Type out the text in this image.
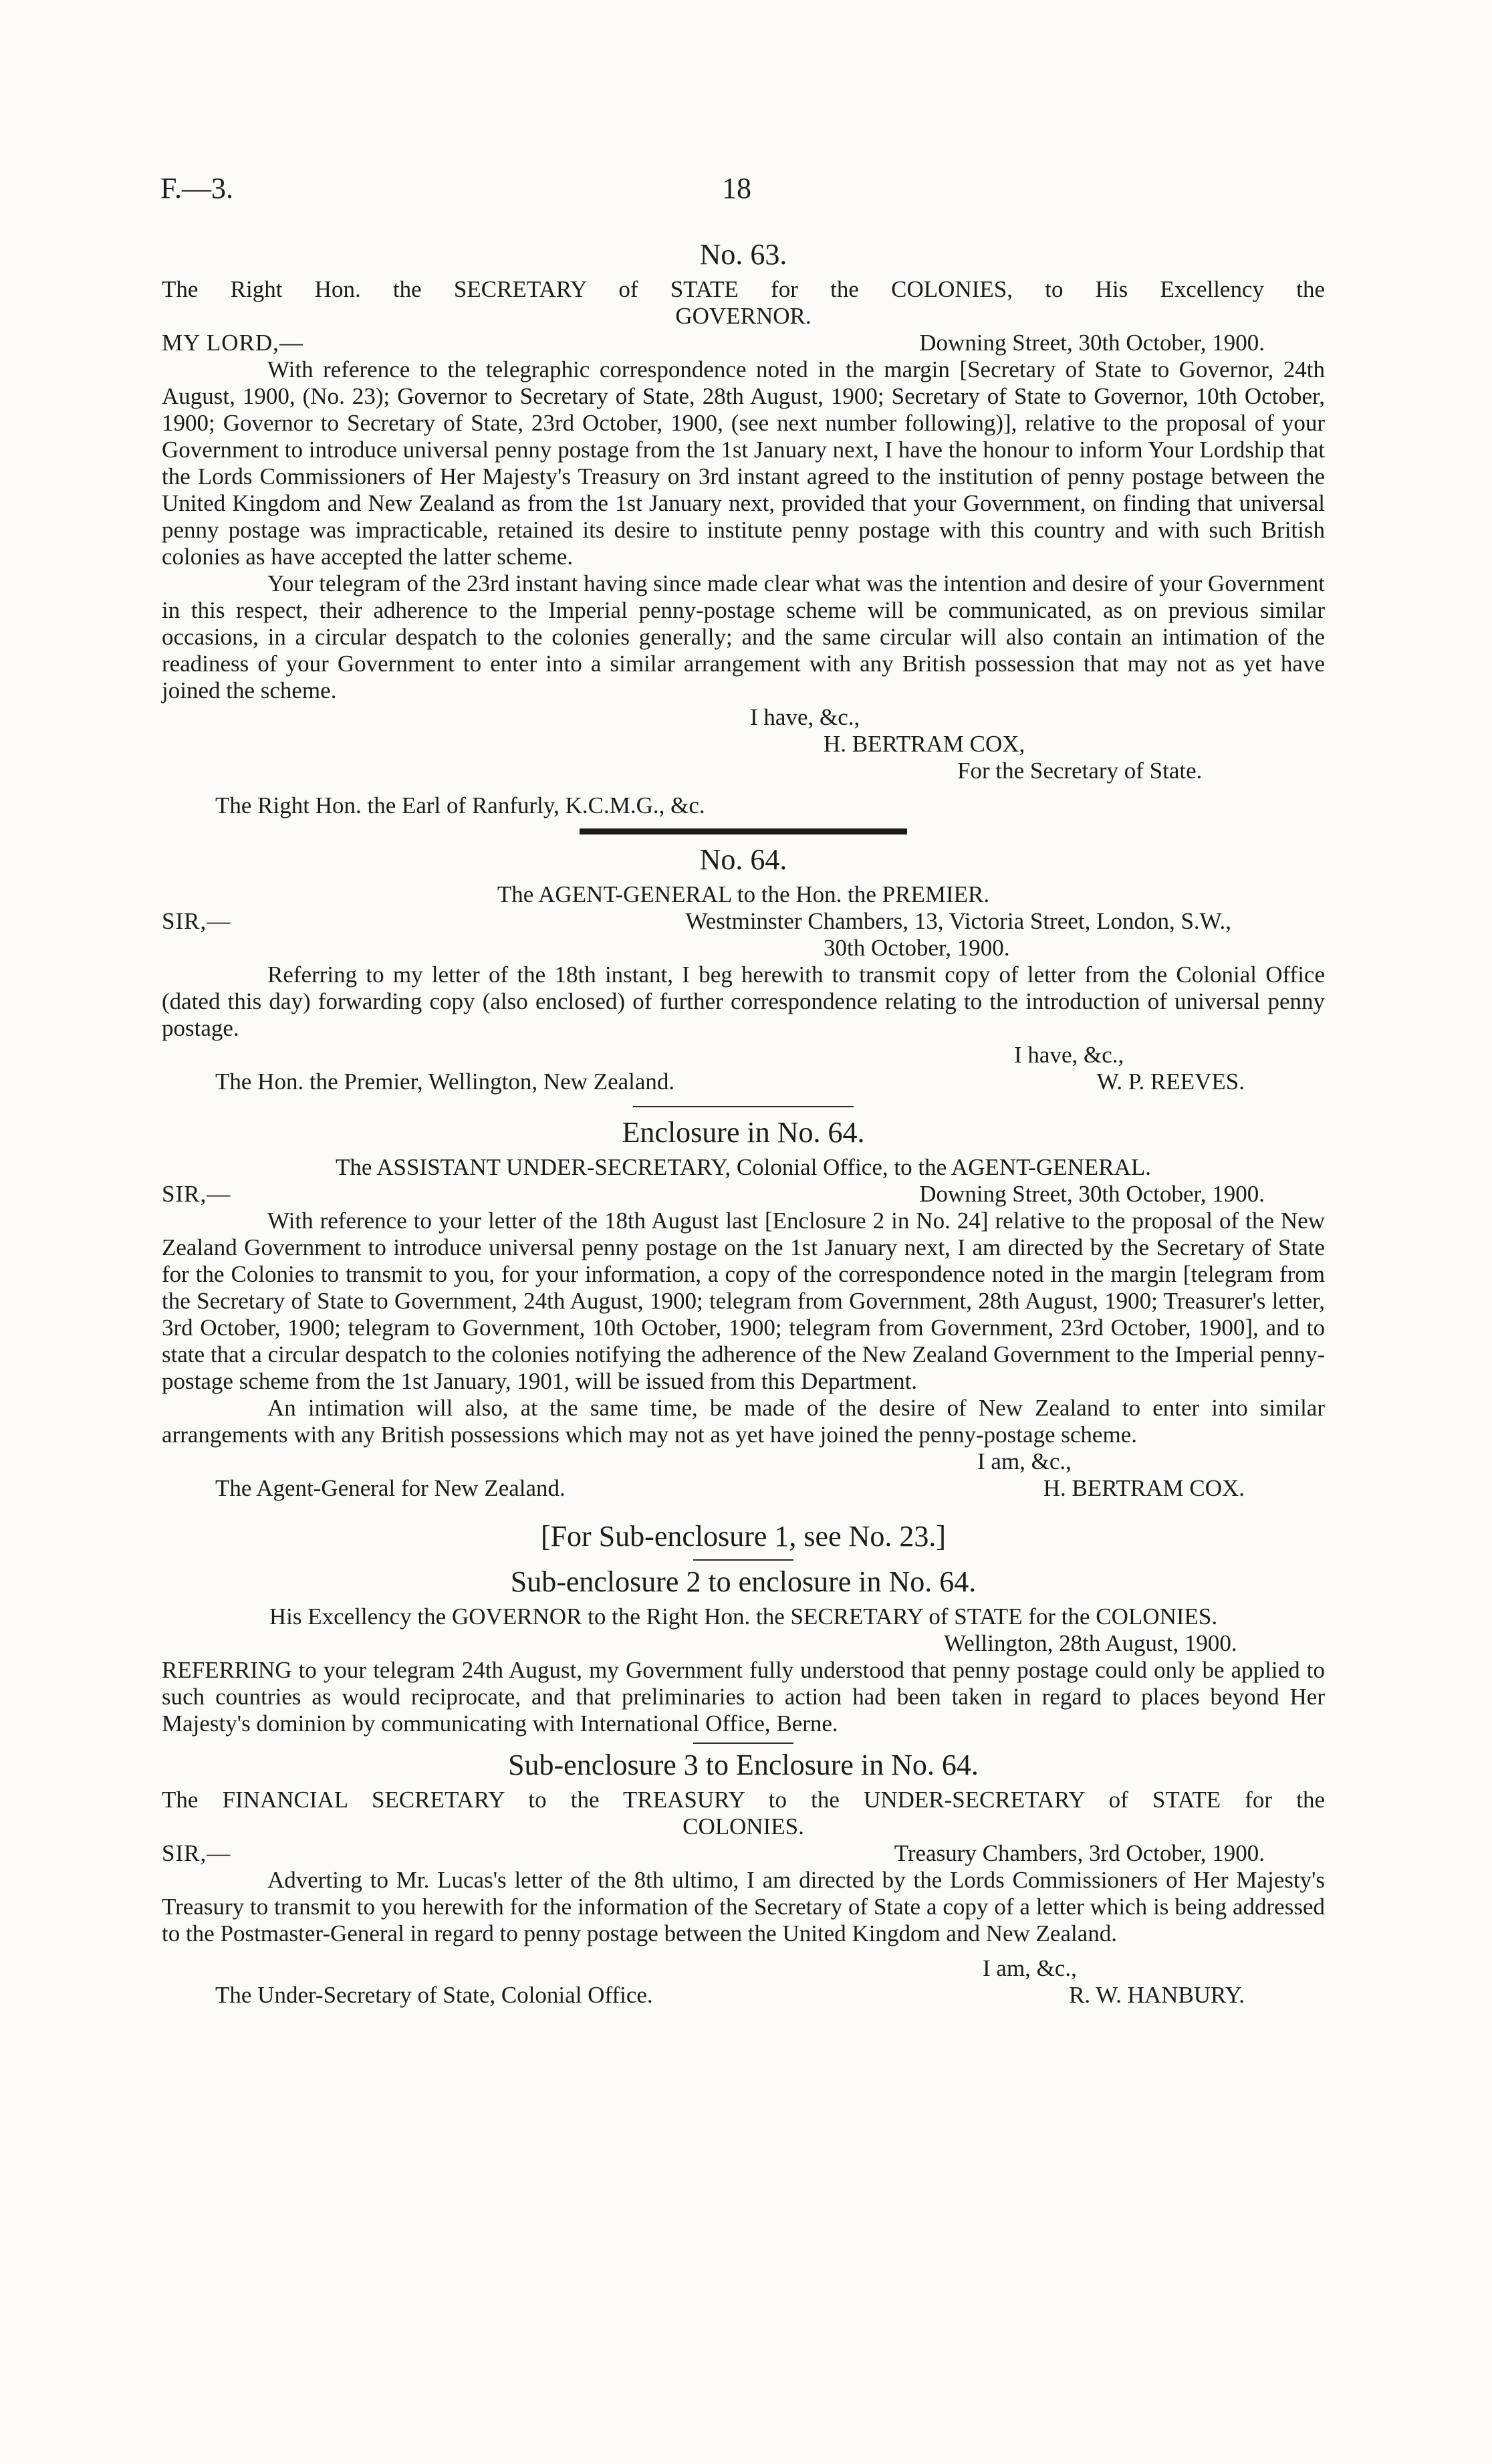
F.—3.	18
No. 63.

The Right Hon. the SECRETARY of STATE for the COLONIES, to His Excellency the

GOVERNOR.

MY LORD,—	Downing Street, 30th October, 1900.

With reference to the telegraphic correspondence noted in the margin [Secretary of State to Governor, 24th August, 1900, (No. 23); Governor to Secretary of State, 28th August, 1900; Secretary of State to Governor, 10th October, 1900; Governor to Secretary of State, 23rd October, 1900, (see next number following)], relative to the proposal of your Government to introduce universal penny postage from the 1st January next, I have the honour to inform Your Lordship that the Lords Commissioners of Her Majesty's Treasury on 3rd instant agreed to the institution of penny postage between the United Kingdom and New Zealand as from the 1st January next, provided that your Government, on finding that universal penny postage was impracticable, retained its desire to institute penny postage with this country and with such British colonies as have accepted the latter scheme.

Your telegram of the 23rd instant having since made clear what was the intention and desire of your Government in this respect, their adherence to the Imperial penny-postage scheme will be communicated, as on previous similar occasions, in a circular despatch to the colonies generally; and the same circular will also contain an intimation of the readiness of your Government to enter into a similar arrangement with any British possession that may not as yet have joined the scheme.

I have, &c.,

H. BERTRAM COX,

For the Secretary of State.

The Right Hon. the Earl of Ranfurly, K.C.M.G., &c.

No. 64.

The AGENT-GENERAL to the Hon. the PREMIER.

SIR,—	Westminster Chambers, 13, Victoria Street, London, S.W.,

30th October, 1900.

Referring to my letter of the 18th instant, I beg herewith to transmit copy of letter from the Colonial Office (dated this day) forwarding copy (also enclosed) of further correspondence relating to the introduction of universal penny postage.

I have, &c.,

The Hon. the Premier, Wellington, New Zealand.	W. P. REEVES.
Enclosure in No. 64.

The ASSISTANT UNDER-SECRETARY, Colonial Office, to the AGENT-GENERAL.

SIR,—	Downing Street, 30th October, 1900.

With reference to your letter of the 18th August last [Enclosure 2 in No. 24] relative to the proposal of the New Zealand Government to introduce universal penny postage on the 1st January next, I am directed by the Secretary of State for the Colonies to transmit to you, for your information, a copy of the correspondence noted in the margin [telegram from the Secretary of State to Government, 24th August, 1900; telegram from Government, 28th August, 1900; Treasurer's letter, 3rd October, 1900; telegram to Government, 10th October, 1900; telegram from Government, 23rd October, 1900], and to state that a circular despatch to the colonies notifying the adherence of the New Zealand Government to the Imperial penny-postage scheme from the 1st January, 1901, will be issued from this Department.

An intimation will also, at the same time, be made of the desire of New Zealand to enter into similar arrangements with any British possessions which may not as yet have joined the penny-postage scheme.

I am, &c.,

The Agent-General for New Zealand.	H. BERTRAM COX.
[For Sub-enclosure 1, see No. 23.]
Sub-enclosure 2 to enclosure in No. 64.

His Excellency the GOVERNOR to the Right Hon. the SECRETARY of STATE for the COLONIES.

Wellington, 28th August, 1900.

REFERRING to your telegram 24th August, my Government fully understood that penny postage could only be applied to such countries as would reciprocate, and that preliminaries to action had been taken in regard to places beyond Her Majesty's dominion by communicating with International Office, Berne.

Sub-enclosure 3 to Enclosure in No. 64.

The FINANCIAL SECRETARY to the TREASURY to the UNDER-SECRETARY of STATE for the

COLONIES.

SIR,—	Treasury Chambers, 3rd October, 1900.

Adverting to Mr. Lucas's letter of the 8th ultimo, I am directed by the Lords Commissioners of Her Majesty's Treasury to transmit to you herewith for the information of the Secretary of State a copy of a letter which is being addressed to the Postmaster-General in regard to penny postage between the United Kingdom and New Zealand.

I am, &c.,

The Under-Secretary of State, Colonial Office.	R. W. HANBURY.
